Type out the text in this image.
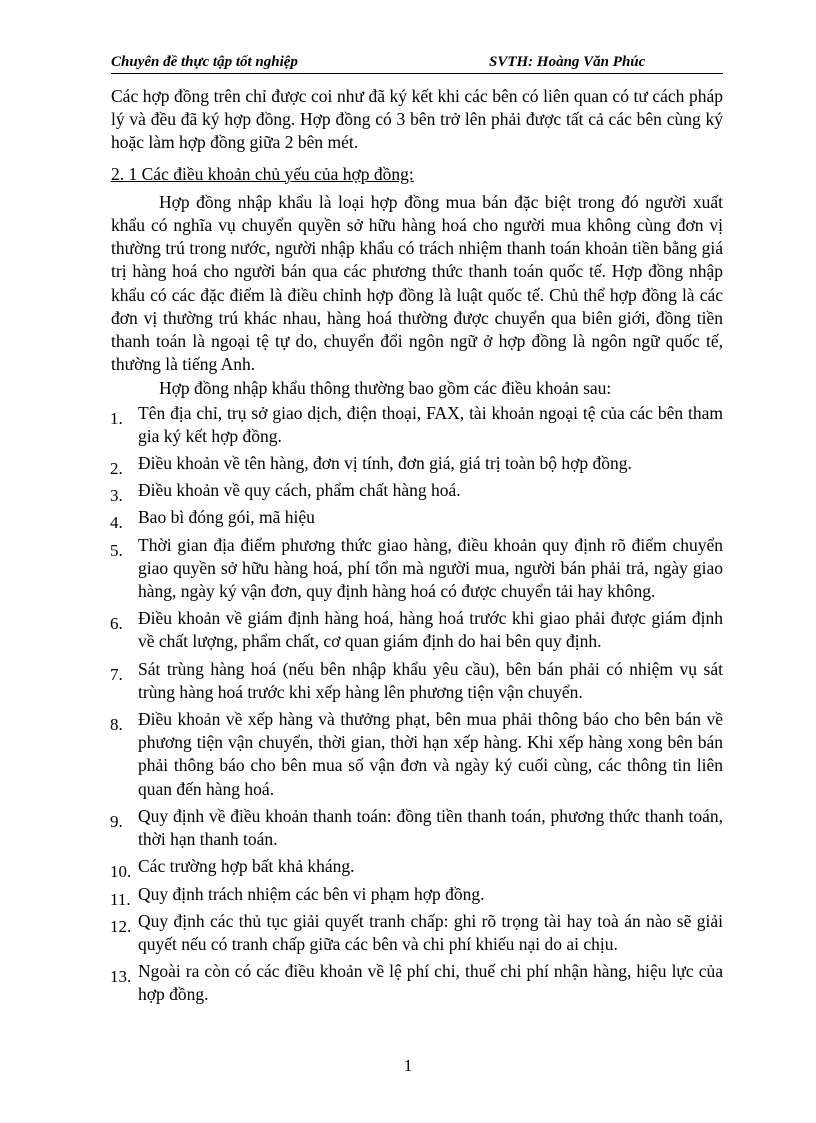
Chuyên đề thực tập tốt nghiệp	SVTH: Hoàng Văn Phúc

Các hợp đồng trên chỉ được coi như đã ký kết khi các bên có liên quan có tư cách pháp lý và đều đã ký hợp đồng. Hợp đồng có 3 bên trở lên phải được tất cả các bên cùng ký hoặc làm hợp đồng giữa 2 bên mét.

2. 1 Các điều khoản chủ yếu của hợp đồng:

Hợp đồng nhập khẩu là loại hợp đồng mua bán đặc biệt trong đó người xuất khẩu có nghĩa vụ chuyển quyền sở hữu hàng hoá cho người mua không cùng đơn vị thường trú trong nước, người nhập khẩu có trách nhiệm thanh toán khoản tiền bằng giá trị hàng hoá cho người bán qua các phương thức thanh toán quốc tế. Hợp đồng nhập khẩu có các đặc điểm là điều chỉnh hợp đồng là luật quốc tế. Chủ thể hợp đồng là các đơn vị thường trú khác nhau, hàng hoá thường được chuyển qua biên giới, đồng tiền thanh toán là ngoại tệ tự do, chuyển đổi ngôn ngữ ở hợp đồng là ngôn ngữ quốc tế, thường là tiếng Anh.

Hợp đồng nhập khẩu thông thường bao gồm các điều khoản sau:

1. Tên địa chỉ, trụ sở giao dịch, điện thoại, FAX, tài khoản ngoại tệ của các bên tham gia ký kết hợp đồng.
2. Điều khoản về tên hàng, đơn vị tính, đơn giá, giá trị toàn bộ hợp đồng.
3. Điều khoản về quy cách, phẩm chất hàng hoá.
4. Bao bì đóng gói, mã hiệu
5. Thời gian địa điểm phương thức giao hàng, điều khoản quy định rõ điểm chuyển giao quyền sở hữu hàng hoá, phí tổn mà người mua, người bán phải trả, ngày giao hàng, ngày ký vận đơn, quy định hàng hoá có được chuyển tải hay không.
6. Điều khoản về giám định hàng hoá, hàng hoá trước khi giao phải được giám định về chất lượng, phẩm chất, cơ quan giám định do hai bên quy định.
7. Sát trùng hàng hoá (nếu bên nhập khẩu yêu cầu), bên bán phải có nhiệm vụ sát trùng hàng hoá trước khi xếp hàng lên phương tiện vận chuyển.
8. Điều khoản về xếp hàng và thưởng phạt, bên mua phải thông báo cho bên bán về phương tiện vận chuyển, thời gian, thời hạn xếp hàng. Khi xếp hàng xong bên bán phải thông báo cho bên mua số vận đơn và ngày ký cuối cùng, các thông tin liên quan đến hàng hoá.
9. Quy định về điều khoản thanh toán: đồng tiền thanh toán, phương thức thanh toán, thời hạn thanh toán.
10. Các trường hợp bất khả kháng.
11. Quy định trách nhiệm các bên vi phạm hợp đồng.
12. Quy định các thủ tục giải quyết tranh chấp: ghi rõ trọng tài hay toà án nào sẽ giải quyết nếu có tranh chấp giữa các bên và chi phí khiếu nại do ai chịu.
13. Ngoài ra còn có các điều khoản về lệ phí chi, thuế chi phí nhận hàng, hiệu lực của hợp đồng.
1
